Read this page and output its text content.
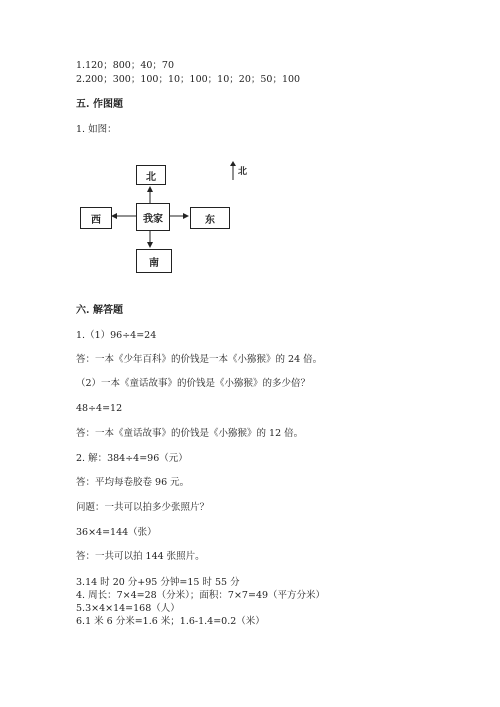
1.120；800；40；70
2.200；300；100；10；100；10；20；50；100
五. 作图题
1. 如图：
北
我家
西	东
南
北
六. 解答题
1.（1）96÷4=24
答：一本《少年百科》的价钱是一本《小猕猴》的 24 倍。
（2）一本《童话故事》的价钱是《小猕猴》的多少倍？
48÷4=12
答：一本《童话故事》的价钱是《小猕猴》的 12 倍。
2. 解：384÷4=96（元）
答：平均每卷胶卷 96 元。
问题：一共可以拍多少张照片？
36×4=144（张）
答：一共可以拍 144 张照片。
3.14 时 20 分+95 分钟=15 时 55 分
4. 周长：7×4=28（分米）；面积：7×7=49（平方分米）
5.3×4×14=168（人）
6.1 米 6 分米=1.6 米；1.6-1.4=0.2（米）
